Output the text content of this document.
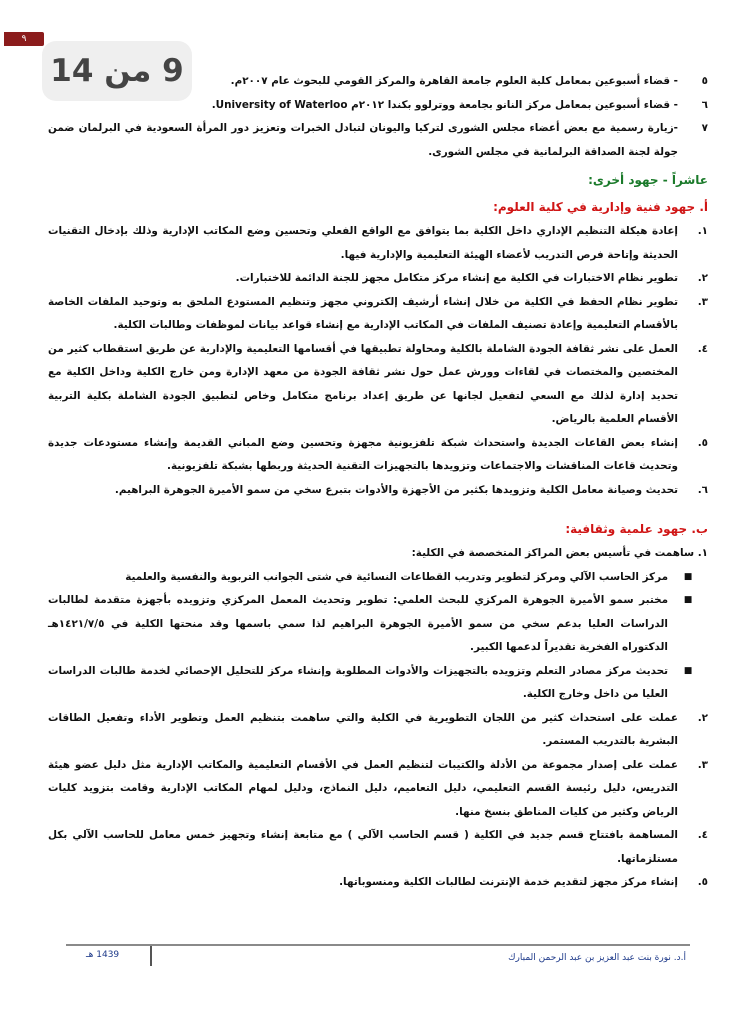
٩
9 من 14	٥
- قضاء أسبوعين بمعامل كلية العلوم جامعة القاهرة والمركز القومي للبحوث عام ٢٠٠٧م.
٦
- قضاء أسبوعين بمعامل مركز النانو بجامعة ووترلوو بكندا ٢٠١٢م University of Waterloo.
٧
-زيارة رسمية مع بعض أعضاء مجلس الشورى لتركيا واليونان لتبادل الخبرات وتعزيز دور المرأة السعودية في البرلمان ضمن جولة لجنة الصداقة البرلمانية في مجلس الشورى.
عاشراً - جهود أخرى:
أ. جهود فنية وإدارية في كلية العلوم:
١.
إعادة هيكلة التنظيم الإداري داخل الكلية بما يتوافق مع الواقع الفعلي وتحسين وضع المكاتب الإدارية وذلك بإدخال التقنيات الحديثة وإتاحة فرص التدريب لأعضاء الهيئة التعليمية والإدارية فيها.
٢.
تطوير نظام الاختبارات في الكلية مع إنشاء مركز متكامل مجهز للجنة الدائمة للاختبارات.
٣.
تطوير نظام الحفظ في الكلية من خلال إنشاء أرشيف إلكتروني مجهز وتنظيم المستودع الملحق به وتوحيد الملفات الخاصة بالأقسام التعليمية وإعادة تصنيف الملفات في المكاتب الإدارية مع إنشاء قواعد بيانات لموظفات وطالبات الكلية.
٤.
العمل على نشر ثقافة الجودة الشاملة بالكلية ومحاولة تطبيقها في أقسامها التعليمية والإدارية عن طريق استقطاب كثير من المختصين والمختصات في لقاءات وورش عمل حول نشر ثقافة الجودة من معهد الإدارة ومن خارج الكلية وداخل الكلية مع تحديد إدارة لذلك مع السعي لتفعيل لجانها عن طريق إعداد برنامج متكامل وخاص لتطبيق الجودة الشاملة بكلية التربية الأقسام العلمية بالرياض.
٥.
إنشاء بعض القاعات الجديدة واستحداث شبكة تلفزيونية مجهزة وتحسين وضع المباني القديمة وإنشاء مستودعات جديدة وتحديث قاعات المناقشات والاجتماعات وتزويدها بالتجهيزات التقنية الحديثة وربطها بشبكة تلفزيونية.
٦.
تحديث وصيانة معامل الكلية وتزويدها بكثير من الأجهزة والأدوات بتبرع سخي من سمو الأميرة الجوهرة البراهيم.
ب. جهود علمية وثقافية:
١. ساهمت في تأسيس بعض المراكز المتخصصة في الكلية:
■
مركز الحاسب الآلي ومركز لتطوير وتدريب القطاعات النسائية في شتى الجوانب التربوية والنفسية والعلمية
■
مختبر سمو الأميرة الجوهرة المركزي للبحث العلمي: تطوير وتحديث المعمل المركزي وتزويده بأجهزة متقدمة لطالبات الدراسات العليا بدعم سخي من سمو الأميرة الجوهرة البراهيم لذا سمي باسمها وقد منحتها الكلية في ١٤٢١/٧/٥هـ الدكتوراه الفخرية تقديراً لدعمها الكبير.
■
تحديث مركز مصادر التعلم وتزويده بالتجهيزات والأدوات المطلوبة وإنشاء مركز للتحليل الإحصائي لخدمة طالبات الدراسات العليا من داخل وخارج الكلية.
٢.
عملت على استحداث كثير من اللجان التطويرية في الكلية والتي ساهمت بتنظيم العمل وتطوير الأداء وتفعيل الطاقات البشرية بالتدريب المستمر.
٣.
عملت على إصدار مجموعة من الأدلة والكتيبات لتنظيم العمل في الأقسام التعليمية والمكاتب الإدارية مثل دليل عضو هيئة التدريس، دليل رئيسة القسم التعليمي، دليل التعاميم، دليل النماذج، ودليل لمهام المكاتب الإدارية وقامت بتزويد كليات الرياض وكثير من كليات المناطق بنسخ منها.
٤.
المساهمة بافتتاح قسم جديد في الكلية ( قسم الحاسب الآلي ) مع متابعة إنشاء وتجهيز خمس معامل للحاسب الآلي بكل مستلزماتها.
٥.
إنشاء مركز مجهز لتقديم خدمة الإنترنت لطالبات الكلية ومنسوباتها.
1439 هـ	أ.د. نورة بنت عبد العزيز بن عبد الرحمن المبارك
